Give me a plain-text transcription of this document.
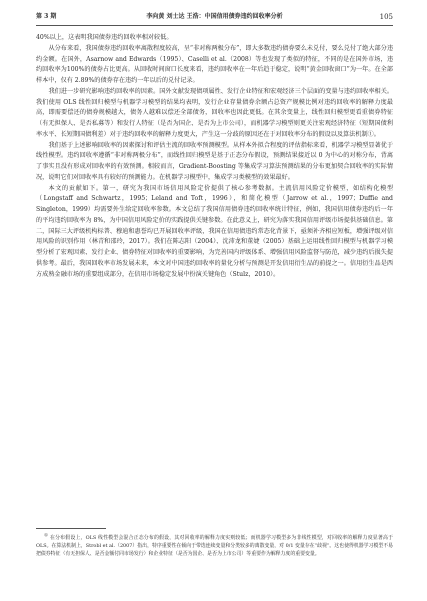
第 3 期	李向黄 刘士达 王浩：中国信用债券违约回收率分析	105

40%以上，这表明我国债券违约回收率相对较低。

从分布来看，我国债券违约回收率离散程度较高，呈“非对称两极分布”，即大多数违约债券要么未兑付，要么兑付了绝大部分违约金额。在国外，Asarnow and Edwards（1995）、Caselli et al.（2008）等也发现了类似的特征，不同的是在国外市场，违约回收率为100%的债券占比更高。从回收时间窗口长度来看，违约回收率在一年后趋于稳定，说明“黄金回收窗口”为一年。在全部样本中，仅有 2.89%的债券存在违约一年以后的兑付记录。

我们进一步研究影响违约回收率的因素。国外文献发现债项属性、发行企业特征和宏观经济三个层面的变量与违约回收率相关。我们使用 OLS 线性回归模型与机器学习模型的结果均表明，发行企业存量债券余额占总资产规模比例对违约回收率的解释力度最高，即需要偿还的债券规模越大，债务人越难以偿还全部债务，回收率也因此更低。在其余变量上，线性回归模型更看重债券特征（有无担保人、是否私募等）和发行人特征（是否为国企、是否为上市公司），而机器学习模型则更关注宏观经济特征（短期国债利率水平、长短期国债利差）对于违约回收率的解释力度更大，产生这一分歧的原因还在于对回收率分布的假设以及算法机制①。

我们基于上述影响回收率的因素探讨和评估主流的回收率预测模型。从样本外拟合程度的评估指标来看，机器学习模型显著优于线性模型。违约回收率遵循“非对称两极分布”，而线性回归模型是基于正态分布假设，预测结果接近以 0 为中心的对称分布，背离了事实且没有形成对回收率的有效预测。相较而言，Gradient-Boosting 等集成学习算法预测结果的分布更加契合回收率的实际情况，说明它们对回收率具有较好的预测能力。在机器学习模型中，集成学习类模型的效果最好。

本文的贡献如下。第一，研究为我国市场信用风险定价提供了核心参考数据。主流信用风险定价模型，如结构化模型（Longstaff and Schwartz，1995；Leland and Toft，1996），和简化模型（Jarrow et al.，1997；Duffie and Singleton，1999）均需要外生给定回收率参数。本文总结了我国信用债券违约回收率统计特征，例如，我国信用债券违约后一年的平均违约回收率为 8%，为中国信用风险定价的实践提供关键参数。在此意义上，研究为落实我国信用评级市场提供基础信息。第二，国际三大评级机构标普、穆迪和惠誉均已开展回收率评级，我国在信用债违约常态化背景下，亟须补齐相应短板，增强评级对信用风险的识别作用（林青和邵玲，2017）。我们在陈志阳（2004）、沈沛龙和董婕（2005）基础上运用线性回归模型与机器学习模型分析了宏观因素、发行企业、债券特征对回收率的重要影响，为完善国内评级体系、增强信用风险监督与防范，减少违约后损失提供参考。最后，我国回收率市场发展未来，本文对中国违约回收率的量化分析与预测是开发信用衍生品的前提之一。信用衍生品是西方成熟金融市场的重要组成部分，在信用市场稳定发展中扮演关键角色（Stulz，2010）。

① 在分布假设上，OLS 线性模型会混合正态分布的假设，其对回收率的解释力度实则较低；而机器学习模型多为非线性模型，对回收率的解释力度显著高于 OLS。在算法机制上，Strobl et al.（2007）指出，特序重要性在倾向于带选连续变量和分类较多的离散变量，对 0/1 变量存在“歧视”。这也使得机器学习模型不易把债券特征（有无担保人、是否金额付同市场发行）和企业特征（是否为国企、是否为上市公司）等重要作为解释力度的重要变量。
